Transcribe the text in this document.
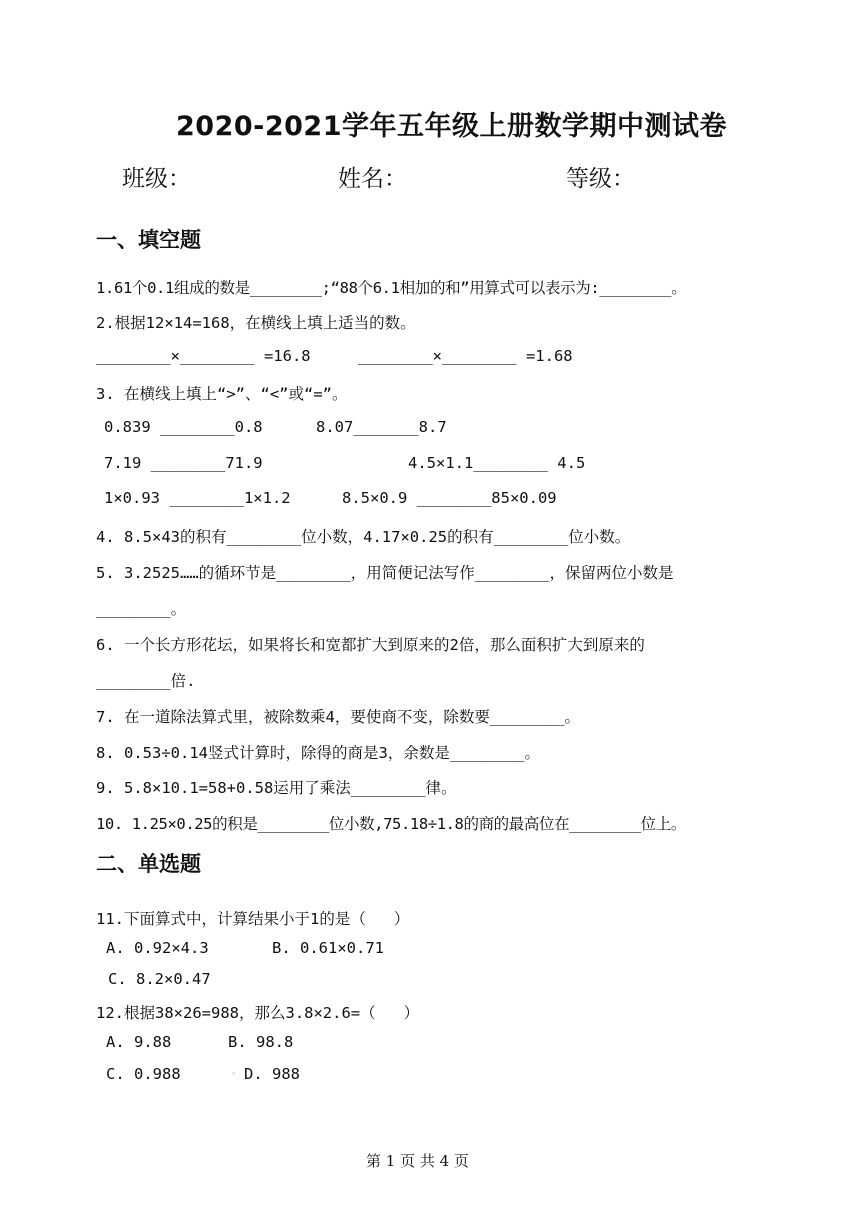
2020-2021学年五年级上册数学期中测试卷
班级：	姓名：	等级：
一、填空题
1.61个0.1组成的数是________;“88个6.1相加的和”用算式可以表示为:________。
2.根据12×14=168，在横线上填上适当的数。
________×________ =16.8	________×________ =1.68
3. 在横线上填上“>”、“<”或“=”。
0.839 ________0.8	8.07_______8.7
7.19 ________71.9	4.5×1.1________ 4.5
1×0.93 ________1×1.2	8.5×0.9 ________85×0.09
4. 8.5×43的积有________位小数，4.17×0.25的积有________位小数。
5. 3.2525……的循环节是________，用简便记法写作________，保留两位小数是
________。
6. 一个长方形花坛，如果将长和宽都扩大到原来的2倍，那么面积扩大到原来的
________倍.
7. 在一道除法算式里，被除数乘4，要使商不变，除数要________。
8. 0.53÷0.14竖式计算时，除得的商是3，余数是________。
9. 5.8×10.1=58+0.58运用了乘法________律。
10. 1.25×0.25的积是________位小数,75.18÷1.8的商的最高位在________位上。
二、单选题
11.下面算式中，计算结果小于1的是（   ）
A. 0.92×4.3	B. 0.61×0.71
C. 8.2×0.47
12.根据38×26=988，那么3.8×2.6=（   ）
A. 9.88	B. 98.8
C. 0.988	◦ D. 988
第 1 页 共 4 页
